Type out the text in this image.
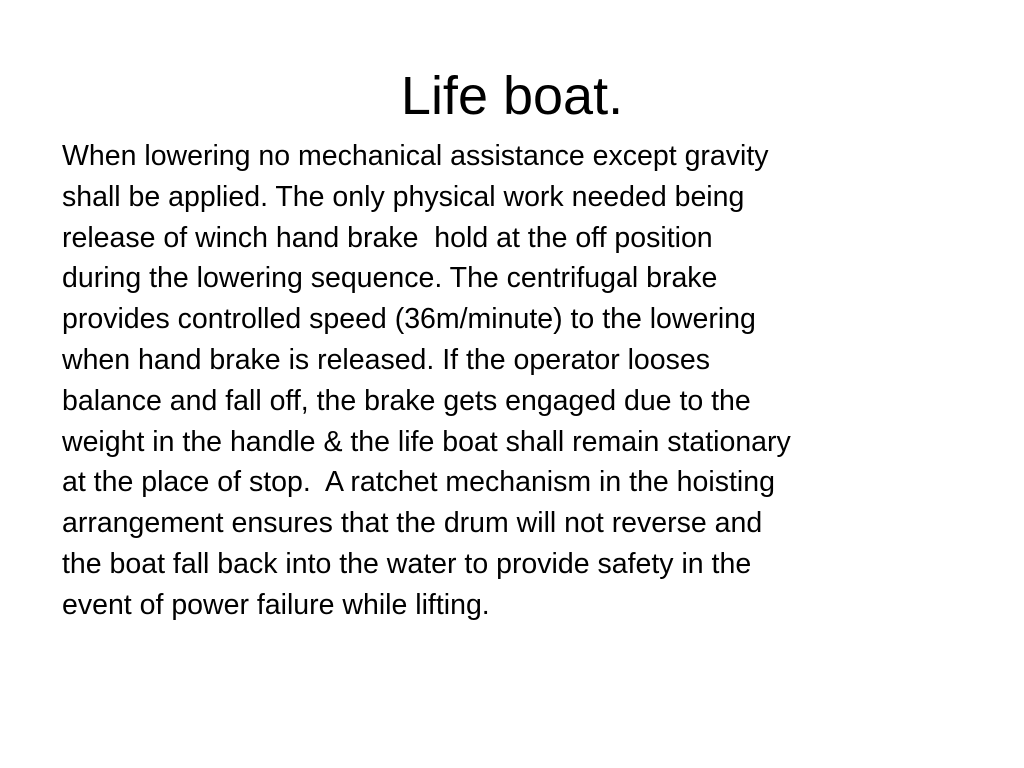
Life boat.
When lowering no mechanical assistance except gravity
shall be applied. The only physical work needed being
release of winch hand brake  hold at the off position
during the lowering sequence. The centrifugal brake
provides controlled speed (36m/minute) to the lowering
when hand brake is released. If the operator looses
balance and fall off, the brake gets engaged due to the
weight in the handle & the life boat shall remain stationary
at the place of stop.  A ratchet mechanism in the hoisting
arrangement ensures that the drum will not reverse and
the boat fall back into the water to provide safety in the
event of power failure while lifting.
